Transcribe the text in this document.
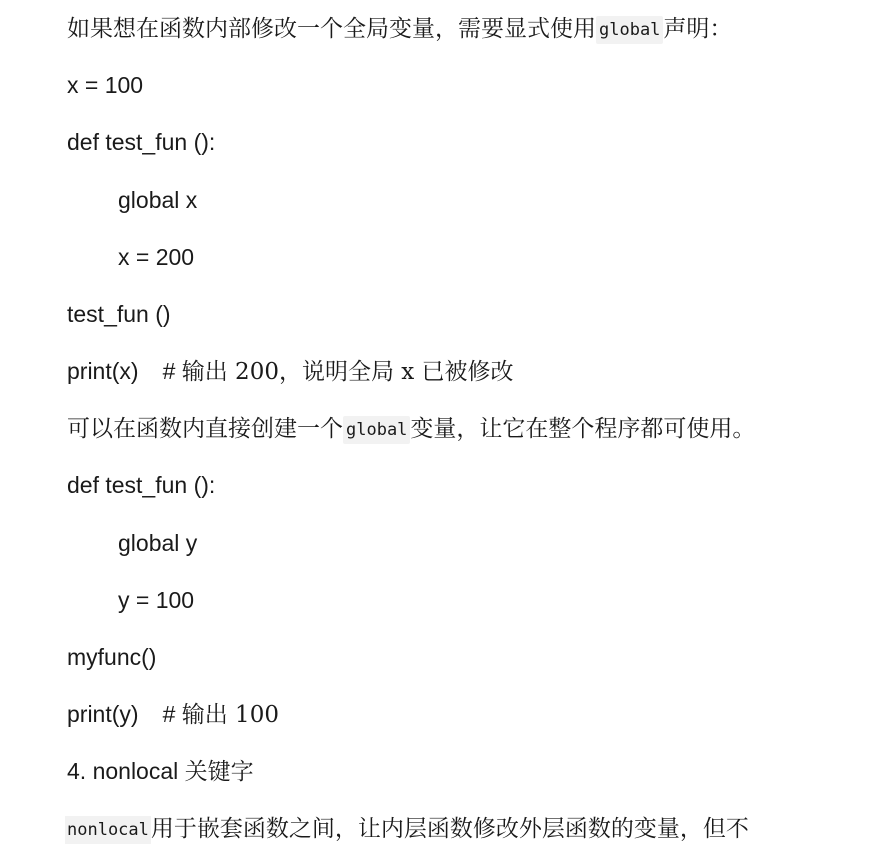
如果想在函数内部修改一个全局变量，需要显式使用 global 声明：
x = 100
def test_fun ():
global x
x = 200
test_fun ()
print(x) # 输出 200，说明全局 x 已被修改
可以在函数内直接创建一个 global 变量，让它在整个程序都可使用。
def test_fun ():
global y
y = 100
myfunc()
print(y) # 输出 100
4. nonlocal 关键字
nonlocal用于嵌套函数之间，让内层函数修改外层函数的变量，但不
